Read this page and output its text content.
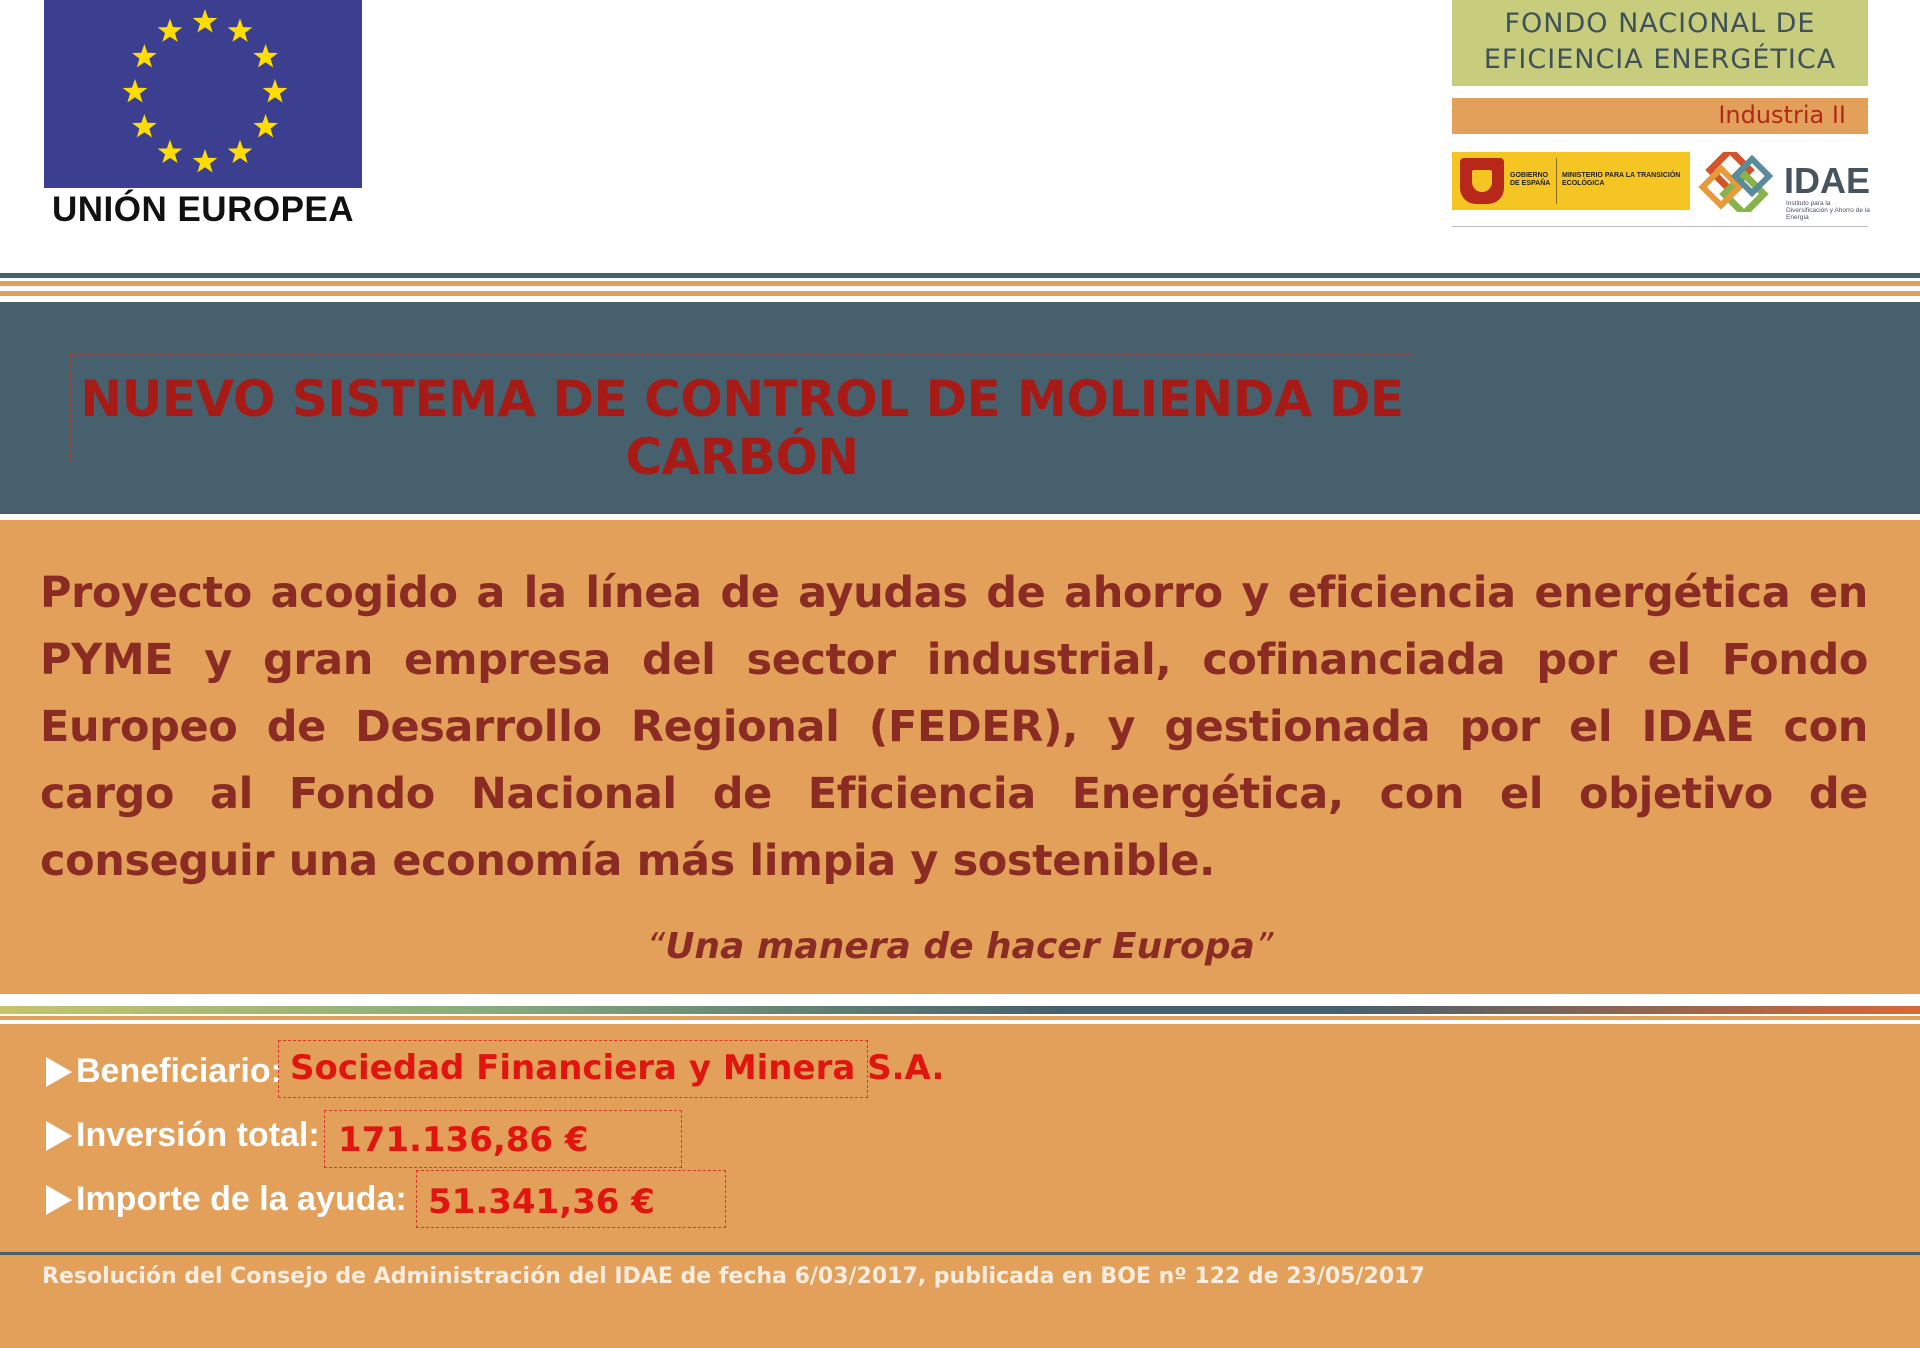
UNIÓN EUROPEA
FONDO NACIONAL DE
EFICIENCIA ENERGÉTICA
Industria II
GOBIERNO DE ESPAÑA
MINISTERIO PARA LA TRANSICIÓN ECOLÓGICA	IDAE
Instituto para la Diversificación y Ahorro de la Energía
NUEVO SISTEMA DE CONTROL DE MOLIENDA DE CARBÓN
Proyecto acogido a la línea de ayudas de ahorro y eficiencia energética en PYME y gran empresa del sector industrial, cofinanciada por el Fondo Europeo de Desarrollo Regional (FEDER), y gestionada por el IDAE con cargo al Fondo Nacional de Eficiencia Energética, con el objetivo de conseguir una economía más limpia y sostenible.
“Una manera de hacer Europa”
Beneficiario: Sociedad Financiera y Minera S.A.
Inversión total: 171.136,86 €
Importe de la ayuda: 51.341,36 €
Resolución del Consejo de Administración del IDAE de fecha 6/03/2017, publicada en BOE nº 122 de 23/05/2017
